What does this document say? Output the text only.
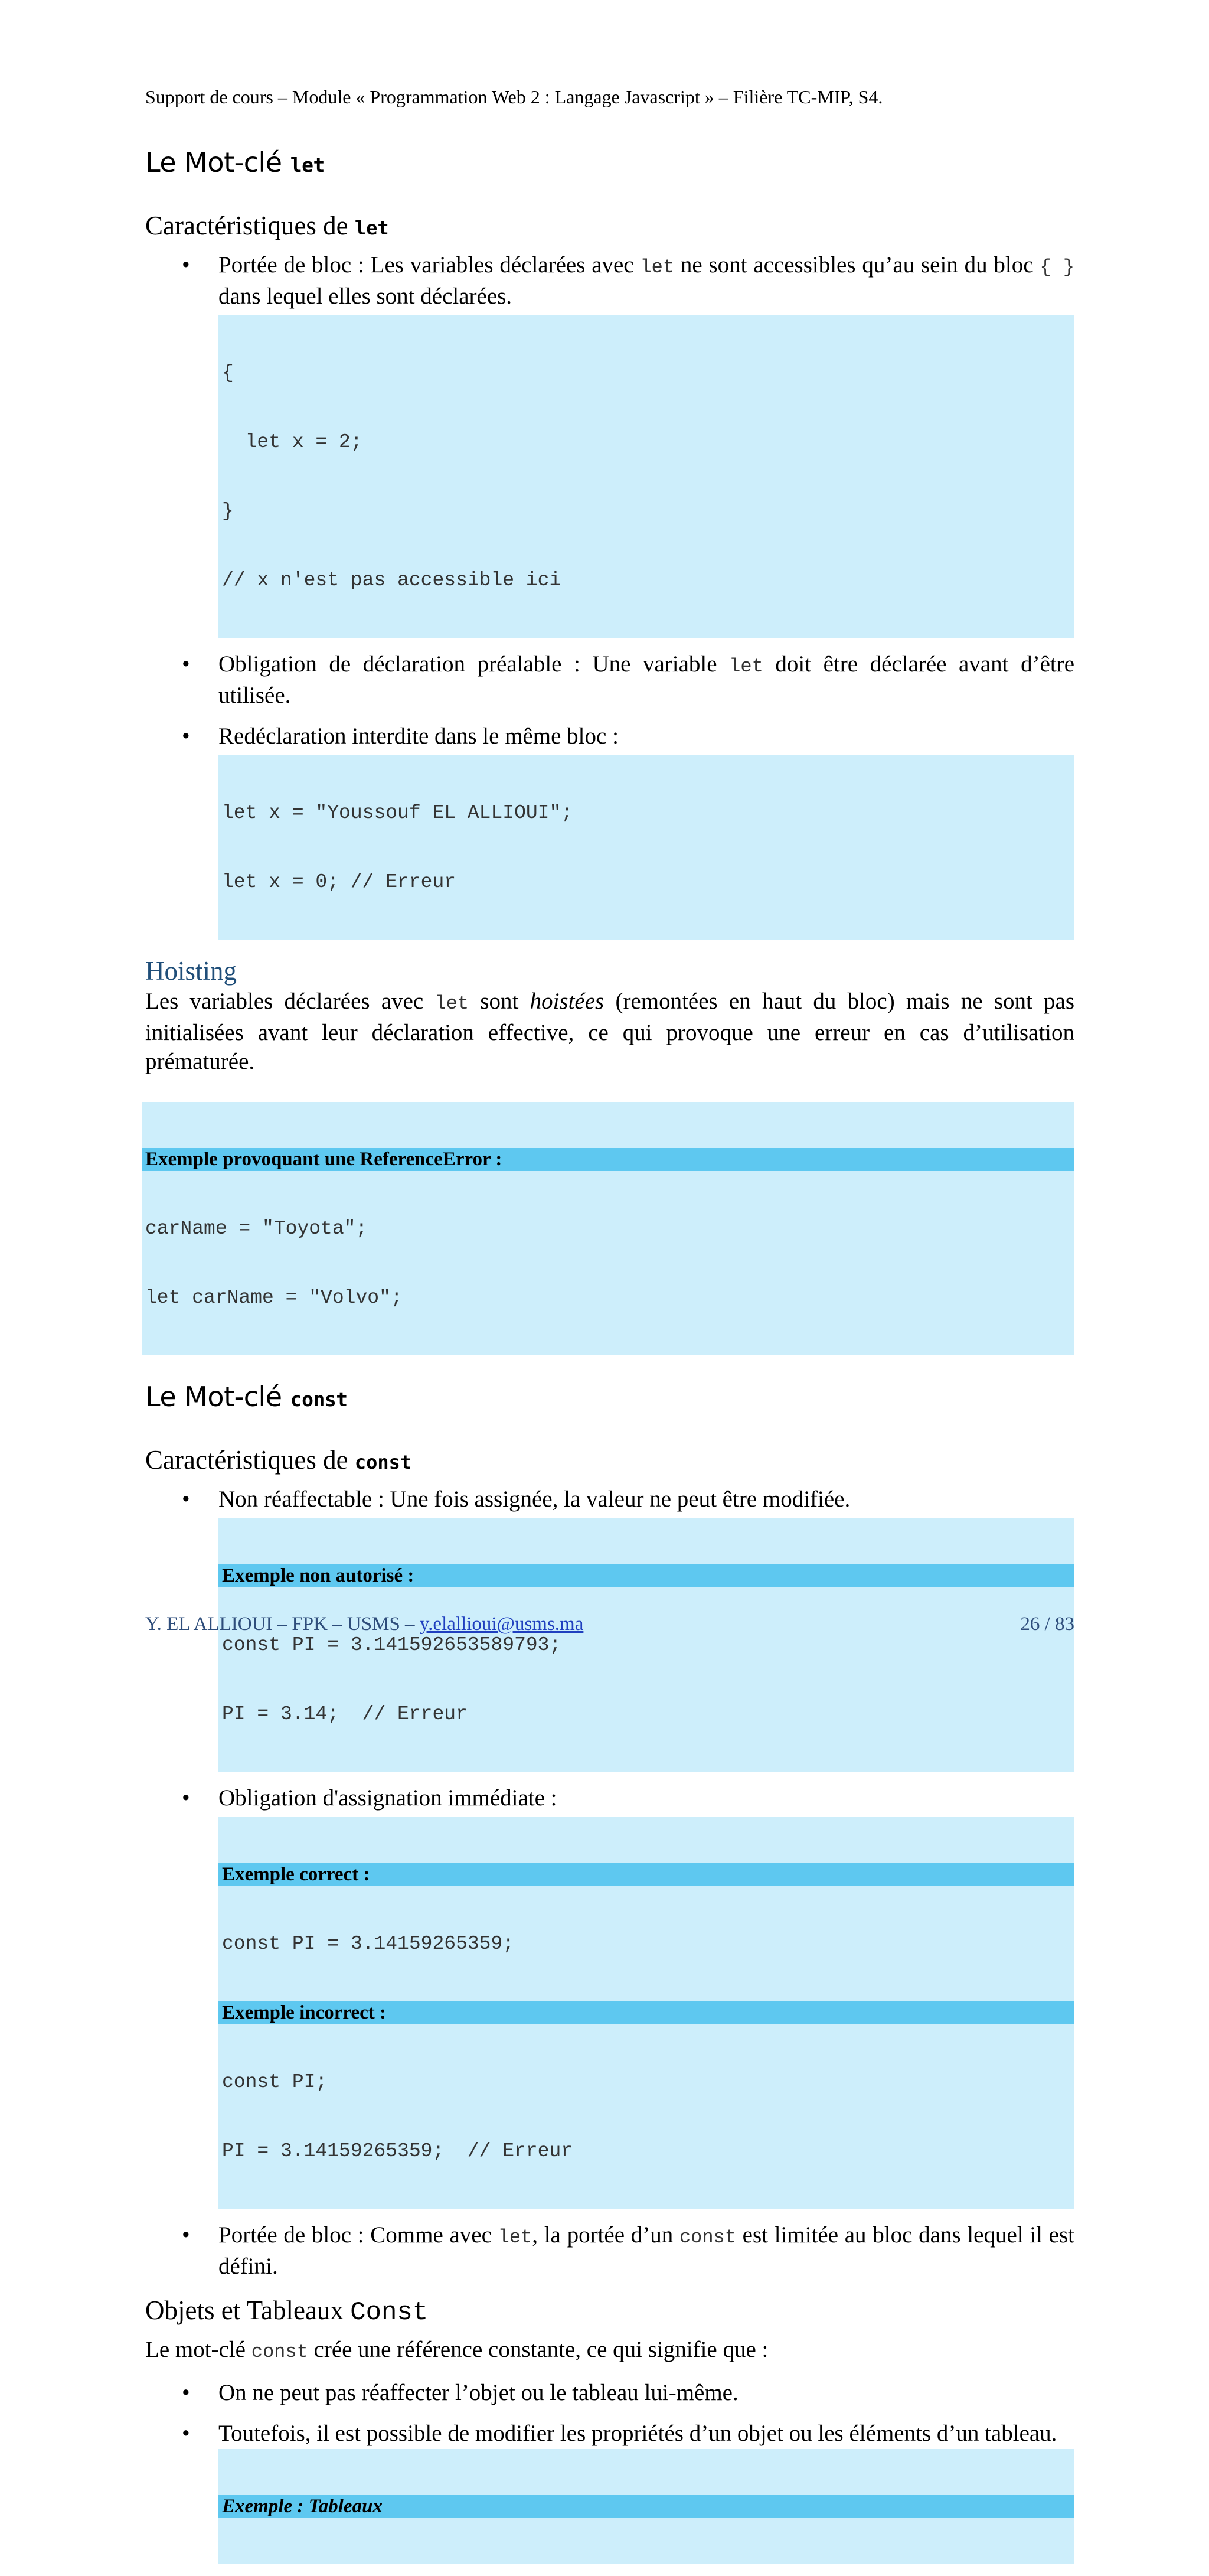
Support de cours – Module « Programmation Web 2 : Langage Javascript » – Filière TC-MIP, S4.
Le Mot-clé let
Caractéristiques de let
• Portée de bloc : Les variables déclarées avec let ne sont accessibles qu’au sein du bloc { } dans lequel elles sont déclarées.

{

let x = 2;

}

// x n'est pas accessible ici

• Obligation de déclaration préalable : Une variable let doit être déclarée avant d’être utilisée.
• Redéclaration interdite dans le même bloc :

let x = "Youssouf EL ALLIOUI";

let x = 0; // Erreur

Hoisting

Les variables déclarées avec let sont hoistées (remontées en haut du bloc) mais ne sont pas initialisées avant leur déclaration effective, ce qui provoque une erreur en cas d’utilisation prématurée.

Exemple provoquant une ReferenceError :

carName = "Toyota";

let carName = "Volvo";

Le Mot-clé const
Caractéristiques de const
• Non réaffectable : Une fois assignée, la valeur ne peut être modifiée.

Exemple non autorisé :

const PI = 3.141592653589793;

PI = 3.14;  // Erreur

• Obligation d'assignation immédiate :

Exemple correct :

const PI = 3.14159265359;

Exemple incorrect :

const PI;

PI = 3.14159265359;  // Erreur

• Portée de bloc : Comme avec let, la portée d’un const est limitée au bloc dans lequel il est défini.
Objets et Tableaux Const

Le mot-clé const crée une référence constante, ce qui signifie que :

• On ne peut pas réaffecter l’objet ou le tableau lui-même.
• Toutefois, il est possible de modifier les propriétés d’un objet ou les éléments d’un tableau.

Exemple : Tableaux

Y. EL ALLIOUI – FPK – USMS – y.elallioui@usms.ma	26 / 83
